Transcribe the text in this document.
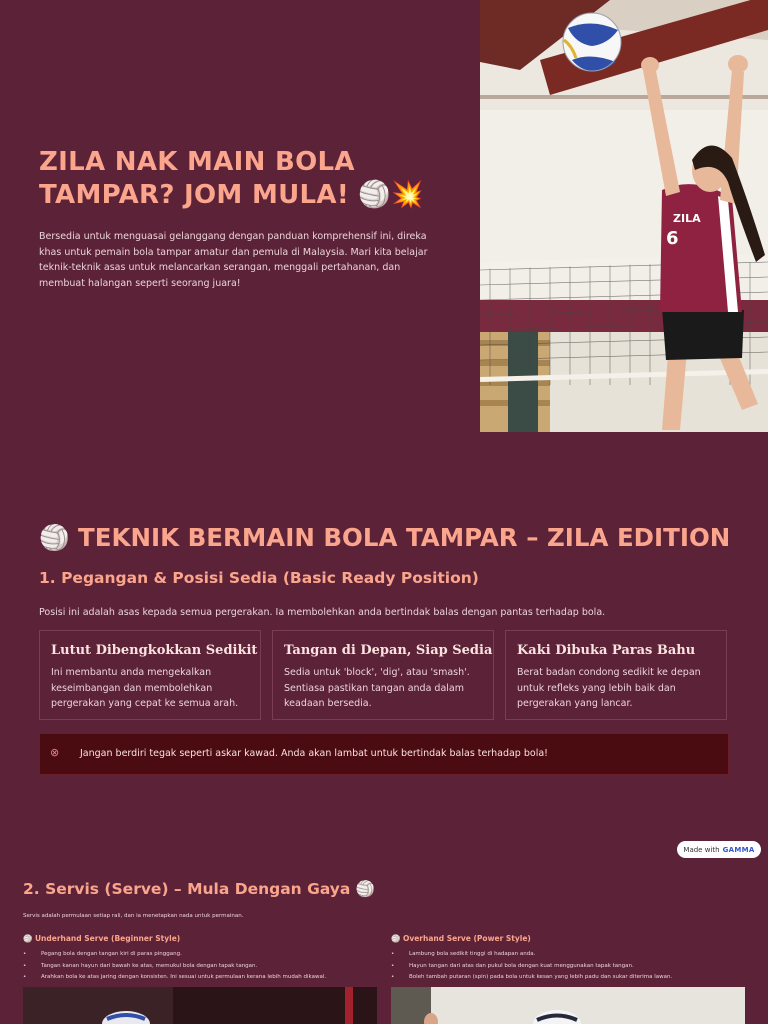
ZILA NAK MAIN BOLA TAMPAR? JOM MULA! 🏐💥
Bersedia untuk menguasai gelanggang dengan panduan komprehensif ini, direka khas untuk pemain bola tampar amatur dan pemula di Malaysia. Mari kita belajar teknik-teknik asas untuk melancarkan serangan, menggali pertahanan, dan membuat halangan seperti seorang juara!
ZILA
6
🏐 TEKNIK BERMAIN BOLA TAMPAR – ZILA EDITION
1. Pegangan & Posisi Sedia (Basic Ready Position)
Posisi ini adalah asas kepada semua pergerakan. Ia membolehkan anda bertindak balas dengan pantas terhadap bola.
Lutut Dibengkokkan Sedikit
Ini membantu anda mengekalkan keseimbangan dan membolehkan pergerakan yang cepat ke semua arah.
Tangan di Depan, Siap Sedia
Sedia untuk 'block', 'dig', atau 'smash'. Sentiasa pastikan tangan anda dalam keadaan bersedia.
Kaki Dibuka Paras Bahu
Berat badan condong sedikit ke depan untuk refleks yang lebih baik dan pergerakan yang lancar.
⊗ Jangan berdiri tegak seperti askar kawad. Anda akan lambat untuk bertindak balas terhadap bola!
Made with GAMMA
2. Servis (Serve) – Mula Dengan Gaya 🏐
Servis adalah permulaan setiap rali, dan ia menetapkan nada untuk permainan.
🏐 Underhand Serve (Beginner Style)
• Pegang bola dengan tangan kiri di paras pinggang.
• Tangan kanan hayun dari bawah ke atas, memukul bola dengan tapak tangan.
• Arahkan bola ke atas jaring dengan konsisten. Ini sesuai untuk permulaan kerana lebih mudah dikawal.
🏐 Overhand Serve (Power Style)
• Lambung bola sedikit tinggi di hadapan anda.
• Hayun tangan dari atas dan pukul bola dengan kuat menggunakan tapak tangan.
• Boleh tambah putaran (spin) pada bola untuk kesan yang lebih padu dan sukar diterima lawan.
